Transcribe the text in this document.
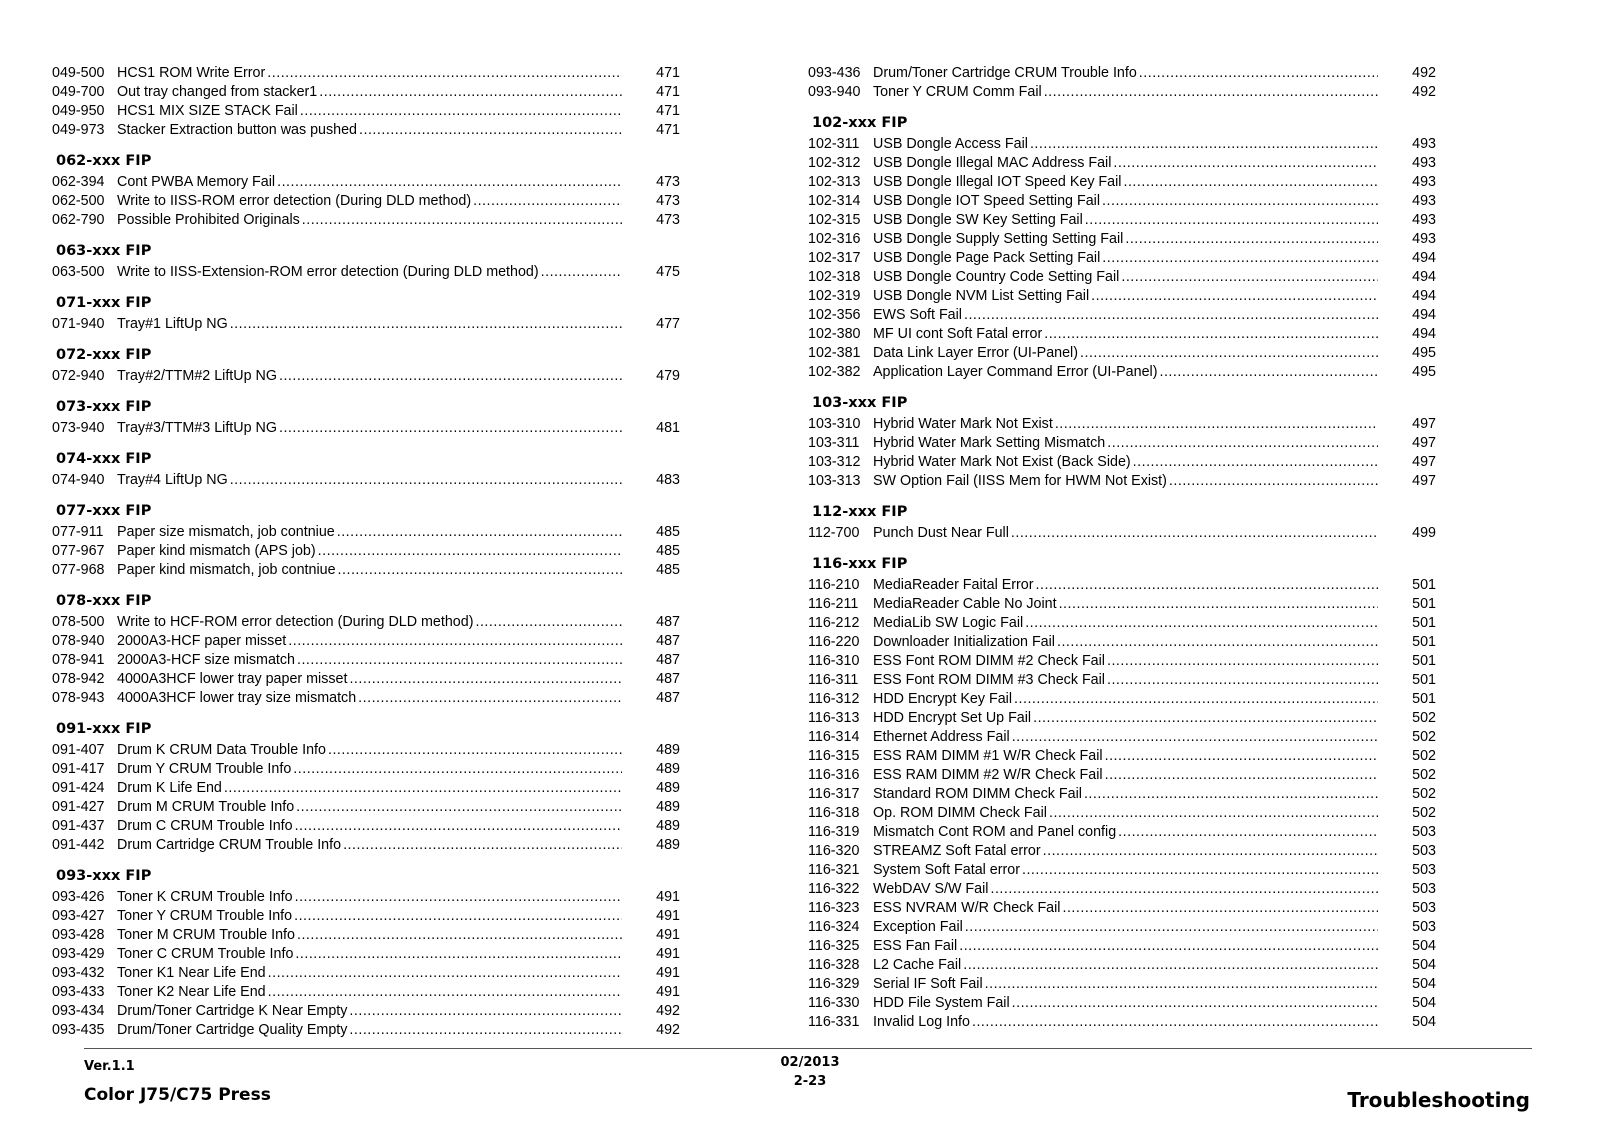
049-500 HCS1 ROM Write Error .....	471
049-700 Out tray changed from stacker1 .....	471
049-950 HCS1 MIX SIZE STACK Fail .....	471
049-973 Stacker Extraction button was pushed .....	471
062-xxx FIP
062-394 Cont PWBA Memory Fail .....	473
062-500 Write to IISS-ROM error detection (During DLD method) .....	473
062-790 Possible Prohibited Originals .....	473
063-xxx FIP
063-500 Write to IISS-Extension-ROM error detection (During DLD method) .....	475
071-xxx FIP
071-940 Tray#1 LiftUp NG .....	477
072-xxx FIP
072-940 Tray#2/TTM#2 LiftUp NG .....	479
073-xxx FIP
073-940 Tray#3/TTM#3 LiftUp NG .....	481
074-xxx FIP
074-940 Tray#4 LiftUp NG .....	483
077-xxx FIP
077-911 Paper size mismatch, job contniue .....	485
077-967 Paper kind mismatch (APS job) .....	485
077-968 Paper kind mismatch, job contniue .....	485
078-xxx FIP
078-500 Write to HCF-ROM error detection (During DLD method) .....	487
078-940 2000A3-HCF paper misset .....	487
078-941 2000A3-HCF size mismatch .....	487
078-942 4000A3HCF lower tray paper misset .....	487
078-943 4000A3HCF lower tray size mismatch .....	487
091-xxx FIP
091-407 Drum K CRUM Data Trouble Info .....	489
091-417 Drum Y CRUM Trouble Info .....	489
091-424 Drum K Life End .....	489
091-427 Drum M CRUM Trouble Info .....	489
091-437 Drum C CRUM Trouble Info .....	489
091-442 Drum Cartridge CRUM Trouble Info .....	489
093-xxx FIP
093-426 Toner K CRUM Trouble Info .....	491
093-427 Toner Y CRUM Trouble Info .....	491
093-428 Toner M CRUM Trouble Info .....	491
093-429 Toner C CRUM Trouble Info .....	491
093-432 Toner K1 Near Life End .....	491
093-433 Toner K2 Near Life End .....	491
093-434 Drum/Toner Cartridge K Near Empty .....	492
093-435 Drum/Toner Cartridge Quality Empty .....	492
093-436 Drum/Toner Cartridge CRUM Trouble Info .....	492
093-940 Toner Y CRUM Comm Fail .....	492
102-xxx FIP
102-311 USB Dongle Access Fail .....	493
102-312 USB Dongle Illegal MAC Address Fail .....	493
102-313 USB Dongle Illegal IOT Speed Key Fail .....	493
102-314 USB Dongle IOT Speed Setting Fail .....	493
102-315 USB Dongle SW Key Setting Fail .....	493
102-316 USB Dongle Supply Setting Setting Fail .....	493
102-317 USB Dongle Page Pack Setting Fail .....	494
102-318 USB Dongle Country Code Setting Fail .....	494
102-319 USB Dongle NVM List Setting Fail .....	494
102-356 EWS Soft Fail .....	494
102-380 MF UI cont Soft Fatal error .....	494
102-381 Data Link Layer Error (UI-Panel) .....	495
102-382 Application Layer Command Error (UI-Panel) .....	495
103-xxx FIP
103-310 Hybrid Water Mark Not Exist .....	497
103-311 Hybrid Water Mark Setting Mismatch .....	497
103-312 Hybrid Water Mark Not Exist (Back Side) .....	497
103-313 SW Option Fail (IISS Mem for HWM Not Exist) .....	497
112-xxx FIP
112-700 Punch Dust Near Full .....	499
116-xxx FIP
116-210 MediaReader Faital Error .....	501
116-211	MediaReader Cable No Joint .....	501
116-212 MediaLib SW Logic Fail .....	501
116-220 Downloader Initialization Fail .....	501
116-310 ESS Font ROM DIMM #2 Check Fail .....	501
116-311	ESS Font ROM DIMM #3 Check Fail .....	501
116-312 HDD Encrypt Key Fail .....	501
116-313 HDD Encrypt Set Up Fail .....	502
116-314 Ethernet Address Fail .....	502
116-315 ESS RAM DIMM #1 W/R Check Fail .....	502
116-316 ESS RAM DIMM #2 W/R Check Fail .....	502
116-317 Standard ROM DIMM Check Fail .....	502
116-318 Op. ROM DIMM Check Fail .....	502
116-319 Mismatch Cont ROM and Panel config .....	503
116-320 STREAMZ Soft Fatal error .....	503
116-321 System Soft Fatal error .....	503
116-322 WebDAV S/W Fail .....	503
116-323 ESS NVRAM W/R Check Fail .....	503
116-324 Exception Fail .....	503
116-325 ESS Fan Fail .....	504
116-328 L2 Cache Fail .....	504
116-329 Serial IF Soft Fail .....	504
116-330 HDD File System Fail .....	504
116-331 Invalid Log Info .....	504
Ver.1.1
Color J75/C75 Press
02/2013
2-23
Troubleshooting
